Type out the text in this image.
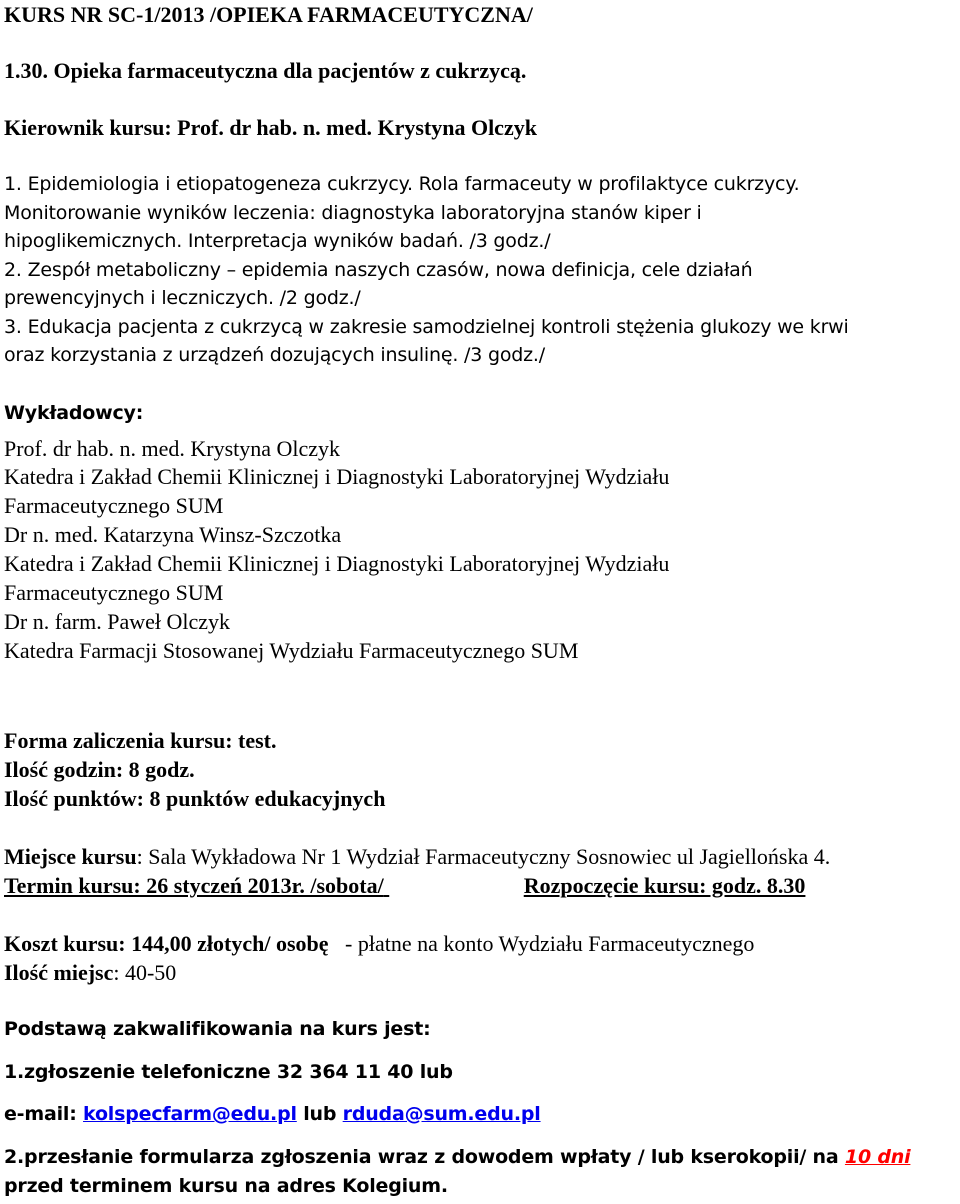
KURS NR SC-1/2013 /OPIEKA FARMACEUTYCZNA/

1.30. Opieka farmaceutyczna dla pacjentów z cukrzycą.

Kierownik kursu: Prof. dr hab. n. med. Krystyna Olczyk

1. Epidemiologia i etiopatogeneza cukrzycy. Rola farmaceuty w profilaktyce cukrzycy.

Monitorowanie wyników leczenia: diagnostyka laboratoryjna stanów kiper i

hipoglikemicznych. Interpretacja wyników badań. /3 godz./

2. Zespół metaboliczny – epidemia naszych czasów, nowa definicja, cele działań

prewencyjnych i leczniczych. /2 godz./

3. Edukacja pacjenta z cukrzycą w zakresie samodzielnej kontroli stężenia glukozy we krwi

oraz korzystania z urządzeń dozujących insulinę. /3 godz./

Wykładowcy:

Prof. dr hab. n. med. Krystyna Olczyk

Katedra i Zakład Chemii Klinicznej i Diagnostyki Laboratoryjnej Wydziału

Farmaceutycznego SUM

Dr n. med. Katarzyna Winsz-Szczotka

Katedra i Zakład Chemii Klinicznej i Diagnostyki Laboratoryjnej Wydziału

Farmaceutycznego SUM

Dr n. farm. Paweł Olczyk

Katedra Farmacji Stosowanej Wydziału Farmaceutycznego SUM

Forma zaliczenia kursu: test.

Ilość godzin: 8 godz.

Ilość punktów: 8 punktów edukacyjnych

Miejsce kursu: Sala Wykładowa Nr 1 Wydział Farmaceutyczny Sosnowiec ul Jagiellońska 4.

Termin kursu: 26 styczeń 2013r. /sobota/	Rozpoczęcie kursu: godz. 8.30

Koszt kursu: 144,00 złotych/ osobę   - płatne na konto Wydziału Farmaceutycznego

Ilość miejsc: 40-50

Podstawą zakwalifikowania na kurs jest:

1.zgłoszenie telefoniczne 32 364 11 40 lub

e-mail: kolspecfarm@edu.pl lub rduda@sum.edu.pl

2.przesłanie formularza zgłoszenia wraz z dowodem wpłaty / lub kserokopii/ na 10 dni

przed terminem kursu na adres Kolegium.
